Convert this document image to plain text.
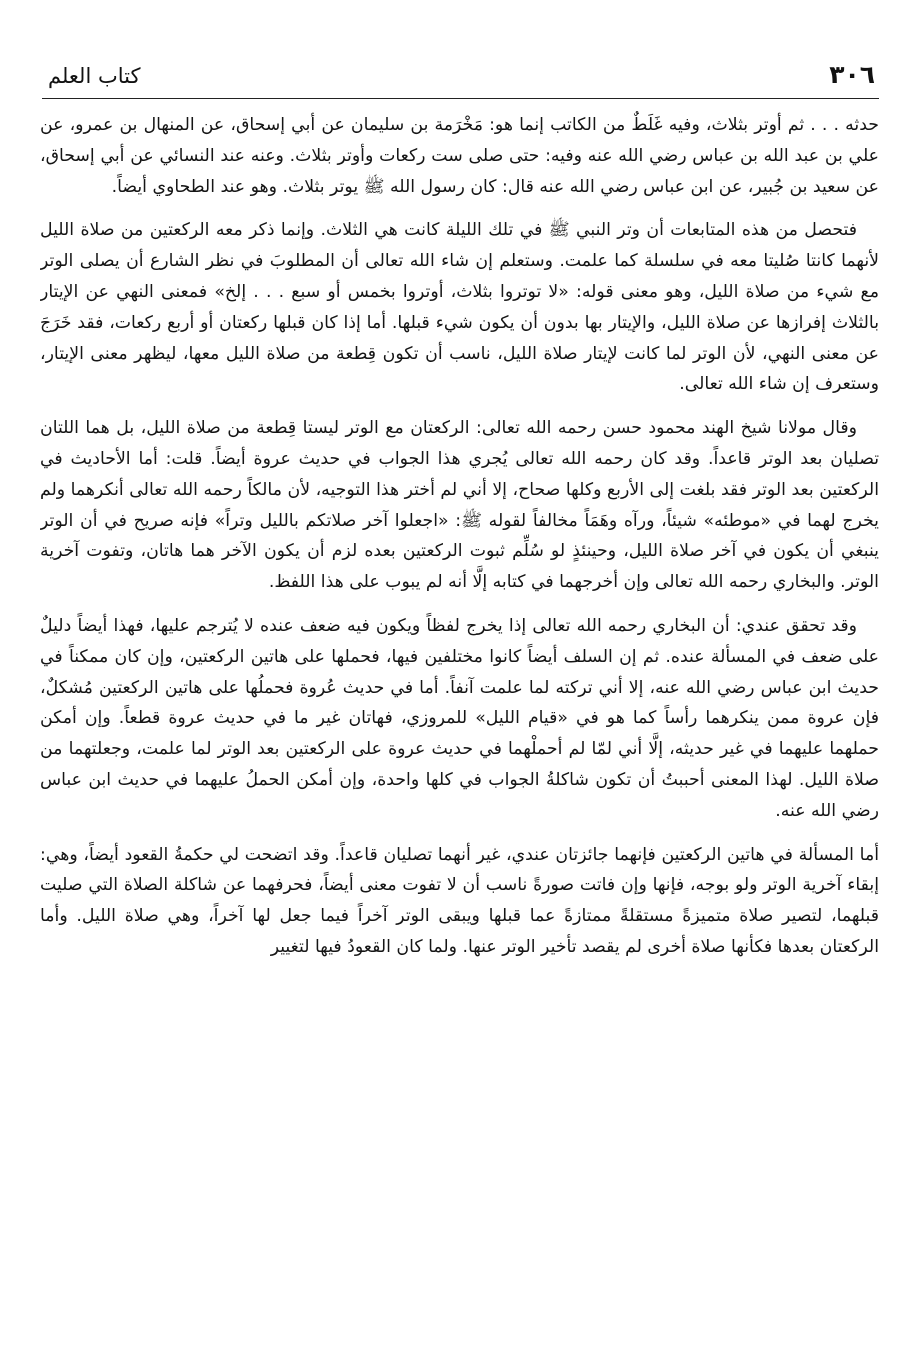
٣٠٦
كتاب العلم

حدثه . . . ثم أوتر بثلاث، وفيه غَلَطٌ من الكاتب إنما هو: مَخْرَمة بن سليمان عن أبي إسحاق، عن المنهال بن عمرو، عن علي بن عبد الله بن عباس رضي الله عنه وفيه: حتى صلى ست ركعات وأوتر بثلاث. وعنه عند النسائي عن أبي إسحاق، عن سعيد بن جُبير، عن ابن عباس رضي الله عنه قال: كان رسول الله ﷺ يوتر بثلاث. وهو عند الطحاوي أيضاً.

فتحصل من هذه المتابعات أن وتر النبي ﷺ في تلك الليلة كانت هي الثلاث. وإنما ذكر معه الركعتين من صلاة الليل لأنهما كانتا صُليتا معه في سلسلة كما علمت. وستعلم إن شاء الله تعالى أن المطلوبَ في نظر الشارع أن يصلى الوتر مع شيء من صلاة الليل، وهو معنى قوله: «لا توتروا بثلاث، أوتروا بخمس أو سبع . . . إلخ» فمعنى النهي عن الإيتار بالثلاث إفرازها عن صلاة الليل، والإيتار بها بدون أن يكون شيء قبلها. أما إذا كان قبلها ركعتان أو أربع ركعات، فقد خَرَجَ عن معنى النهي، لأن الوتر لما كانت لإيتار صلاة الليل، ناسب أن تكون قِطعة من صلاة الليل معها، ليظهر معنى الإيتار، وستعرف إن شاء الله تعالى.

وقال مولانا شيخ الهند محمود حسن رحمه الله تعالى: الركعتان مع الوتر ليستا قِطعة من صلاة الليل، بل هما اللتان تصليان بعد الوتر قاعداً. وقد كان رحمه الله تعالى يُجري هذا الجواب في حديث عروة أيضاً. قلت: أما الأحاديث في الركعتين بعد الوتر فقد بلغت إلى الأربع وكلها صحاح، إلا أني لم أختر هذا التوجيه، لأن مالكاً رحمه الله تعالى أنكرهما ولم يخرج لهما في «موطئه» شيئاً، ورآه وهَمَاً مخالفاً لقوله ﷺ: «اجعلوا آخر صلاتكم بالليل وتراً» فإنه صريح في أن الوتر ينبغي أن يكون في آخر صلاة الليل، وحينئذٍ لو سُلِّم ثبوت الركعتين بعده لزم أن يكون الآخر هما هاتان، وتفوت آخرية الوتر. والبخاري رحمه الله تعالى وإن أخرجهما في كتابه إلَّا أنه لم يبوب على هذا اللفظ.

وقد تحقق عندي: أن البخاري رحمه الله تعالى إذا يخرج لفظاً ويكون فيه ضعف عنده لا يُترجم عليها، فهذا أيضاً دليلٌ على ضعف في المسألة عنده. ثم إن السلف أيضاً كانوا مختلفين فيها، فحملها على هاتين الركعتين، وإن كان ممكناً في حديث ابن عباس رضي الله عنه، إلا أني تركته لما علمت آنفاً. أما في حديث عُروة فحملُها على هاتين الركعتين مُشكلٌ، فإن عروة ممن ينكرهما رأساً كما هو في «قيام الليل» للمروزي، فهاتان غير ما في حديث عروة قطعاً. وإن أمكن حملهما عليهما في غير حديثه، إلَّا أني لمّا لم أحملْهما في حديث عروة على الركعتين بعد الوتر لما علمت، وجعلتهما من صلاة الليل. لهذا المعنى أحببتُ أن تكون شاكلةُ الجواب في كلها واحدة، وإن أمكن الحملُ عليهما في حديث ابن عباس رضي الله عنه.

أما المسألة في هاتين الركعتين فإنهما جائزتان عندي، غير أنهما تصليان قاعداً. وقد اتضحت لي حكمةُ القعود أيضاً، وهي: إبقاء آخرية الوتر ولو بوجه، فإنها وإن فاتت صورةً ناسب أن لا تفوت معنى أيضاً، فحرفهما عن شاكلة الصلاة التي صليت قبلهما، لتصير صلاة متميزةً مستقلةً ممتازةً عما قبلها ويبقى الوتر آخراً فيما جعل لها آخراً، وهي صلاة الليل. وأما الركعتان بعدها فكأنها صلاة أخرى لم يقصد تأخير الوتر عنها. ولما كان القعودُ فيها لتغيير
